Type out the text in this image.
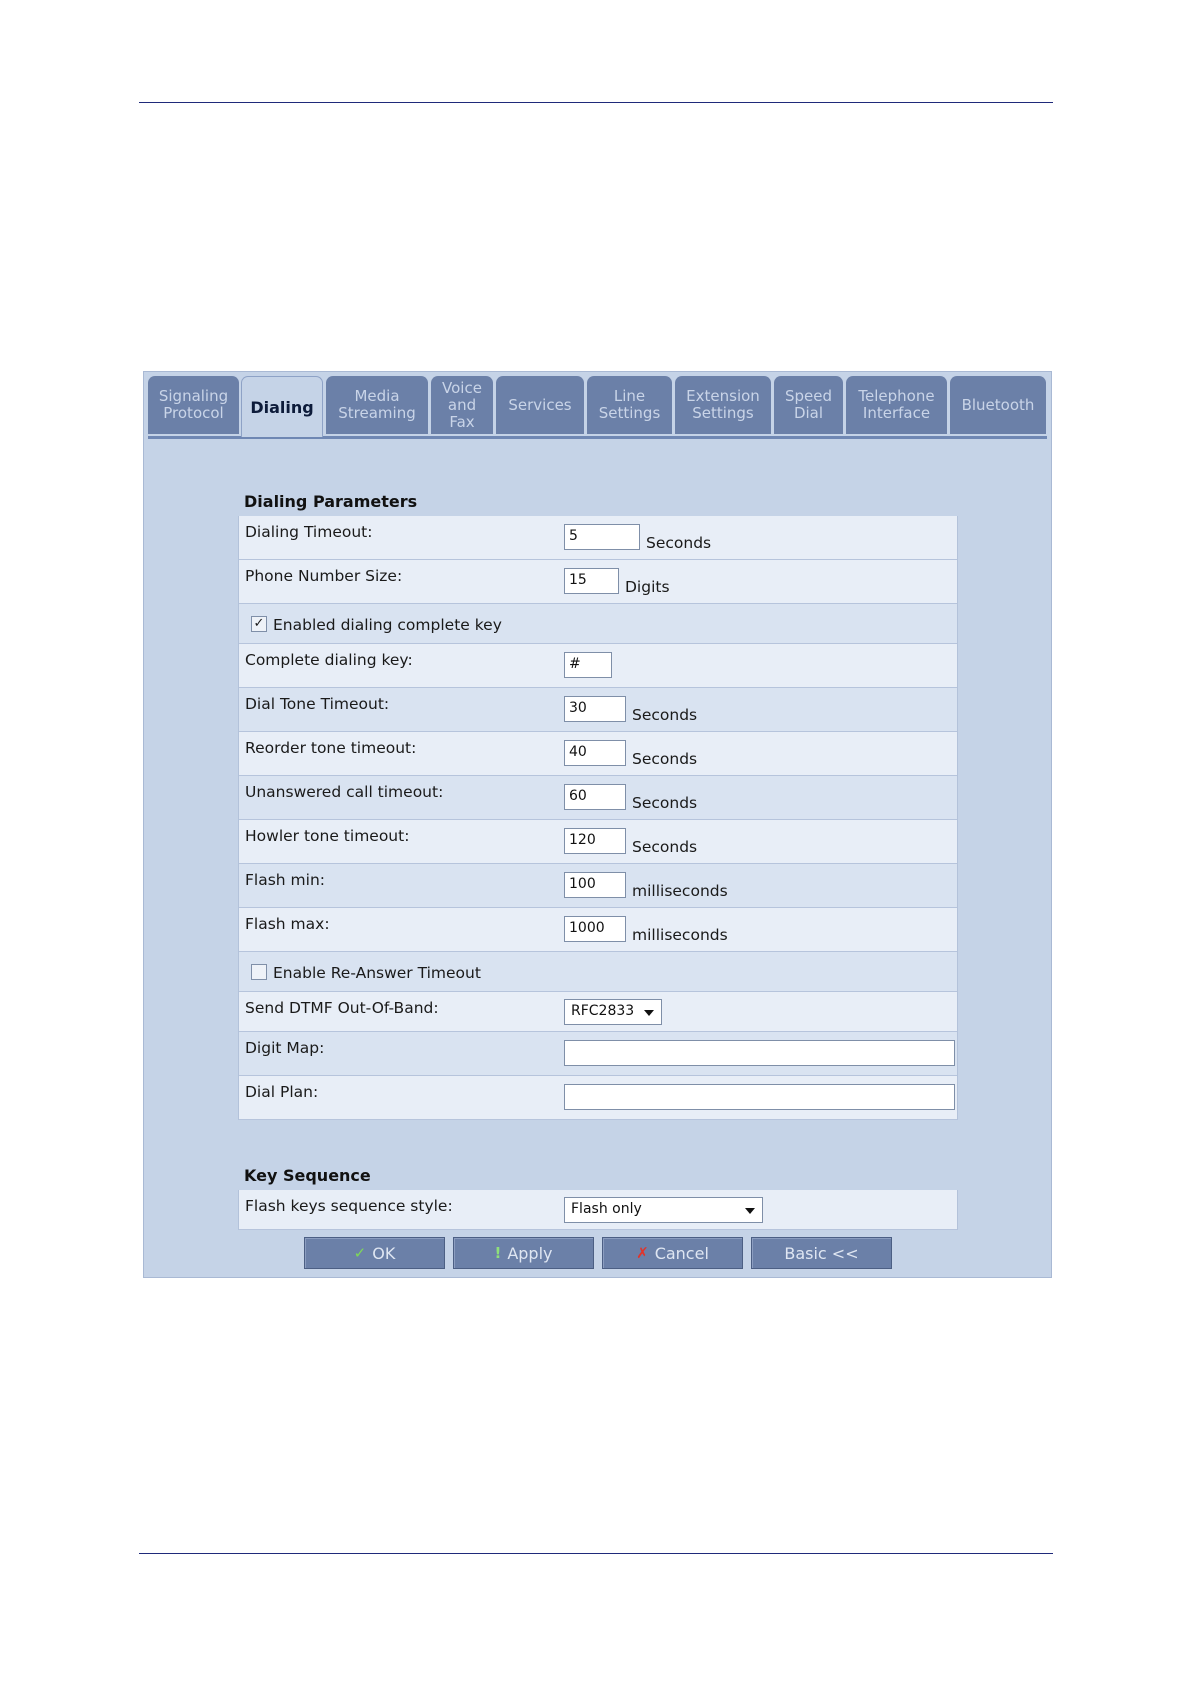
Signaling
Protocol	Dialing
Media
Streaming
Voice
and
Fax
Services	Line
Settings
Extension
Settings
Speed
Dial
Telephone
Interface	Bluetooth
Dialing Parameters
Dialing Timeout:	5	Seconds
Phone Number Size:	15	Digits
✓ Enabled dialing complete key
Complete dialing key:	#
Dial Tone Timeout:	30	Seconds
Reorder tone timeout:	40	Seconds
Unanswered call timeout:	60	Seconds
Howler tone timeout:	120	Seconds
Flash min:	100	milliseconds
Flash max:	1000	milliseconds
Enable Re-Answer Timeout
Send DTMF Out-Of-Band:	RFC2833
Digit Map:
Dial Plan:
Key Sequence
Flash keys sequence style:	Flash only
✓ OK	! Apply	✗ Cancel	Basic <<
